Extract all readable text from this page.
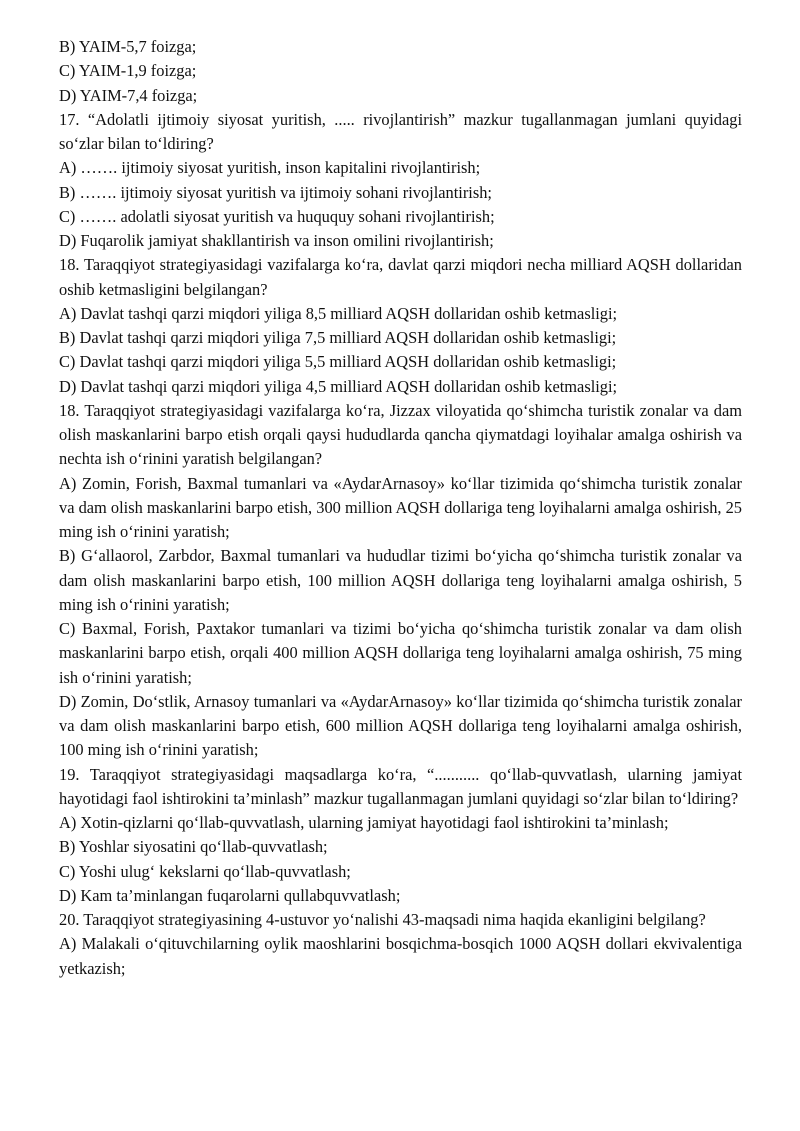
B) YAIM-5,7 foizga;

C) YAIM-1,9 foizga;

D) YAIM-7,4 foizga;

17. “Adolatli ijtimoiy siyosat yuritish, ..... rivojlantirish” mazkur tugallanmagan jumlani quyidagi so‘zlar bilan to‘ldiring?

A) ……. ijtimoiy siyosat yuritish, inson kapitalini rivojlantirish;

B) ……. ijtimoiy siyosat yuritish va ijtimoiy sohani rivojlantirish;

C) ……. adolatli siyosat yuritish va huququy sohani rivojlantirish;

D) Fuqarolik jamiyat shakllantirish va inson omilini rivojlantirish;

18. Taraqqiyot strategiyasidagi vazifalarga ko‘ra, davlat qarzi miqdori necha milliard AQSH dollaridan oshib ketmasligini belgilangan?

A) Davlat tashqi qarzi miqdori yiliga 8,5 milliard AQSH dollaridan oshib ketmasligi;

B) Davlat tashqi qarzi miqdori yiliga 7,5 milliard AQSH dollaridan oshib ketmasligi;

C) Davlat tashqi qarzi miqdori yiliga 5,5 milliard AQSH dollaridan oshib ketmasligi;

D) Davlat tashqi qarzi miqdori yiliga 4,5 milliard AQSH dollaridan oshib ketmasligi;

18. Taraqqiyot strategiyasidagi vazifalarga ko‘ra, Jizzax viloyatida qo‘shimcha turistik zonalar va dam olish maskanlarini barpo etish orqali qaysi hududlarda qancha qiymatdagi loyihalar amalga oshirish va nechta ish o‘rinini yaratish belgilangan?

A) Zomin, Forish, Baxmal tumanlari va «AydarArnasoy» ko‘llar tizimida qo‘shimcha turistik zonalar va dam olish maskanlarini barpo etish, 300 million AQSH dollariga teng loyihalarni amalga oshirish, 25 ming ish o‘rinini yaratish;

B) G‘allaorol, Zarbdor, Baxmal tumanlari va hududlar tizimi bo‘yicha qo‘shimcha turistik zonalar va dam olish maskanlarini barpo etish, 100 million AQSH dollariga teng loyihalarni amalga oshirish, 5 ming ish o‘rinini yaratish;

C) Baxmal, Forish, Paxtakor tumanlari va tizimi bo‘yicha qo‘shimcha turistik zonalar va dam olish maskanlarini barpo etish, orqali 400 million AQSH dollariga teng loyihalarni amalga oshirish, 75 ming ish o‘rinini yaratish;

D) Zomin, Do‘stlik, Arnasoy tumanlari va «AydarArnasoy» ko‘llar tizimida qo‘shimcha turistik zonalar va dam olish maskanlarini barpo etish, 600 million AQSH dollariga teng loyihalarni amalga oshirish, 100 ming ish o‘rinini yaratish;

19. Taraqqiyot strategiyasidagi maqsadlarga ko‘ra, “........... qo‘llab-quvvatlash, ularning jamiyat hayotidagi faol ishtirokini ta’minlash” mazkur tugallanmagan jumlani quyidagi so‘zlar bilan to‘ldiring?

A) Xotin-qizlarni qo‘llab-quvvatlash, ularning jamiyat hayotidagi faol ishtirokini ta’minlash;

B) Yoshlar siyosatini qo‘llab-quvvatlash;

C) Yoshi ulug‘ kekslarni qo‘llab-quvvatlash;

D) Kam ta’minlangan fuqarolarni qullabquvvatlash;

20. Taraqqiyot strategiyasining 4-ustuvor yo‘nalishi 43-maqsadi nima haqida ekanligini belgilang?

A) Malakali o‘qituvchilarning oylik maoshlarini bosqichma-bosqich 1000 AQSH dollari ekvivalentiga yetkazish;
